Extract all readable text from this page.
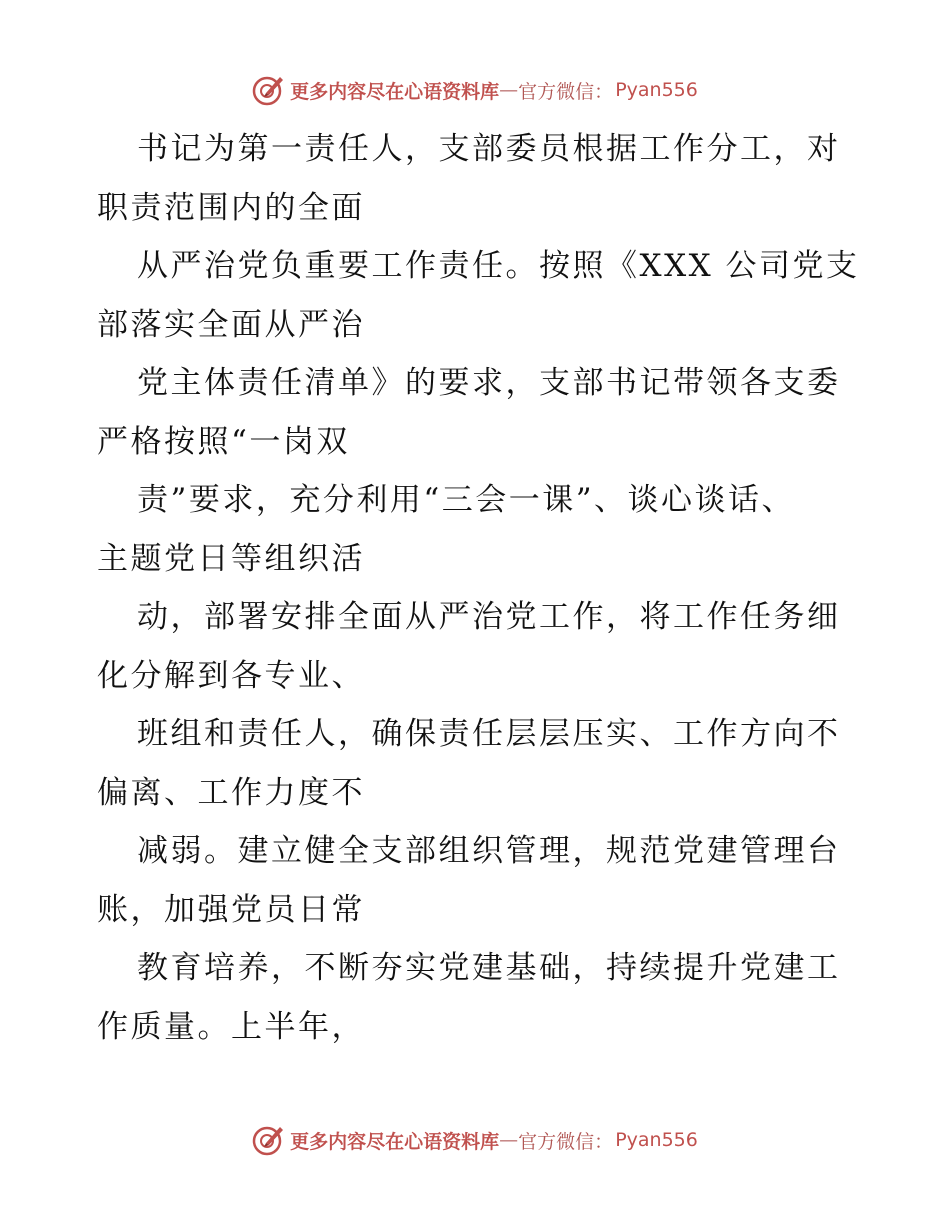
更多内容尽在心语资料库 — 官方微信： Pyan556

书记为第一责任人，支部委员根据工作分工，对
职责范围内的全面

从严治党负重要工作责任。按照《XXX 公司党支
部落实全面从严治

党主体责任清单》的要求，支部书记带领各支委
严格按照“一岗双

责”要求，充分利用“三会一课”、谈心谈话、
主题党日等组织活

动，部署安排全面从严治党工作，将工作任务细
化分解到各专业、

班组和责任人，确保责任层层压实、工作方向不
偏离、工作力度不

减弱。建立健全支部组织管理，规范党建管理台
账，加强党员日常

教育培养，不断夯实党建基础，持续提升党建工
作质量。上半年，

更多内容尽在心语资料库 — 官方微信： Pyan556
